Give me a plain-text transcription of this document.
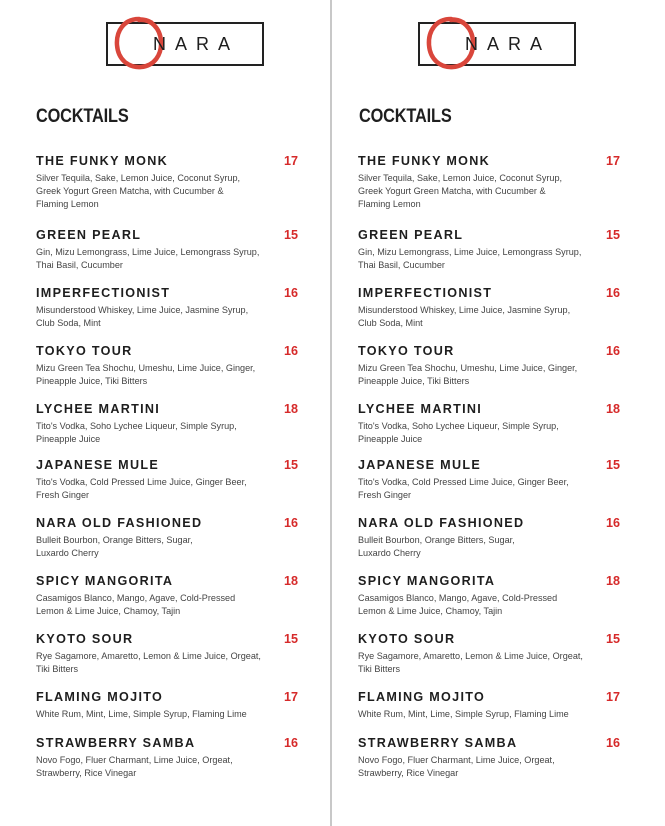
NARA
COCKTAILS
THE FUNKY MONK	17
Silver Tequila, Sake, Lemon Juice, Coconut Syrup,
Greek Yogurt Green Matcha, with Cucumber &
Flaming Lemon
GREEN PEARL	15
Gin, Mizu Lemongrass, Lime Juice, Lemongrass Syrup,
Thai Basil, Cucumber
IMPERFECTIONIST	16
Misunderstood Whiskey, Lime Juice, Jasmine Syrup,
Club Soda, Mint
TOKYO TOUR	16
Mizu Green Tea Shochu, Umeshu, Lime Juice, Ginger,
Pineapple Juice, Tiki Bitters
LYCHEE MARTINI	18
Tito's Vodka, Soho Lychee Liqueur, Simple Syrup,
Pineapple Juice
JAPANESE MULE	15
Tito's Vodka, Cold Pressed Lime Juice, Ginger Beer,
Fresh Ginger
NARA OLD FASHIONED	16
Bulleit Bourbon, Orange Bitters, Sugar,
Luxardo Cherry
SPICY MANGORITA	18
Casamigos Blanco, Mango, Agave, Cold-Pressed
Lemon & Lime Juice, Chamoy, Tajin
KYOTO SOUR	15
Rye Sagamore, Amaretto, Lemon & Lime Juice, Orgeat,
Tiki Bitters
FLAMING MOJITO	17
White Rum, Mint, Lime, Simple Syrup, Flaming Lime
STRAWBERRY SAMBA	16
Novo Fogo, Fluer Charmant, Lime Juice, Orgeat,
Strawberry, Rice Vinegar
NARA
COCKTAILS
THE FUNKY MONK	17
Silver Tequila, Sake, Lemon Juice, Coconut Syrup,
Greek Yogurt Green Matcha, with Cucumber &
Flaming Lemon
GREEN PEARL	15
Gin, Mizu Lemongrass, Lime Juice, Lemongrass Syrup,
Thai Basil, Cucumber
IMPERFECTIONIST	16
Misunderstood Whiskey, Lime Juice, Jasmine Syrup,
Club Soda, Mint
TOKYO TOUR	16
Mizu Green Tea Shochu, Umeshu, Lime Juice, Ginger,
Pineapple Juice, Tiki Bitters
LYCHEE MARTINI	18
Tito's Vodka, Soho Lychee Liqueur, Simple Syrup,
Pineapple Juice
JAPANESE MULE	15
Tito's Vodka, Cold Pressed Lime Juice, Ginger Beer,
Fresh Ginger
NARA OLD FASHIONED	16
Bulleit Bourbon, Orange Bitters, Sugar,
Luxardo Cherry
SPICY MANGORITA	18
Casamigos Blanco, Mango, Agave, Cold-Pressed
Lemon & Lime Juice, Chamoy, Tajin
KYOTO SOUR	15
Rye Sagamore, Amaretto, Lemon & Lime Juice, Orgeat,
Tiki Bitters
FLAMING MOJITO	17
White Rum, Mint, Lime, Simple Syrup, Flaming Lime
STRAWBERRY SAMBA	16
Novo Fogo, Fluer Charmant, Lime Juice, Orgeat,
Strawberry, Rice Vinegar
